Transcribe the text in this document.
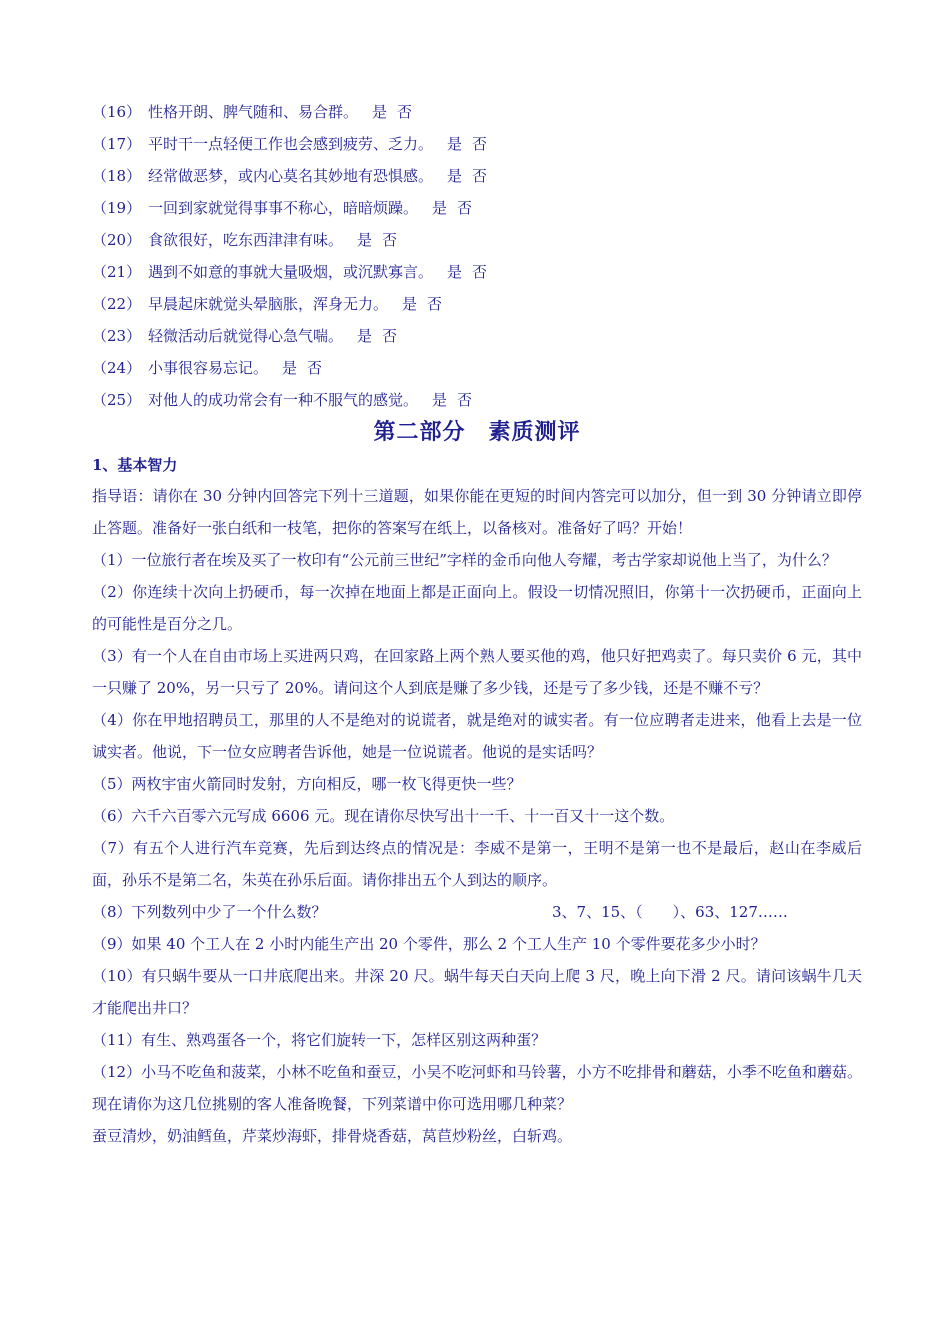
（16） 性格开朗、脾气随和、易合群。 是 否
（17） 平时干一点轻便工作也会感到疲劳、乏力。 是 否
（18） 经常做恶梦，或内心莫名其妙地有恐惧感。 是 否
（19） 一回到家就觉得事事不称心，暗暗烦躁。 是 否
（20） 食欲很好，吃东西津津有味。 是 否
（21） 遇到不如意的事就大量吸烟，或沉默寡言。 是 否
（22） 早晨起床就觉头晕脑胀，浑身无力。 是 否
（23） 轻微活动后就觉得心急气喘。 是 否
（24） 小事很容易忘记。 是 否
（25） 对他人的成功常会有一种不服气的感觉。 是 否
第二部分　素质测评
1、基本智力
指导语：请你在 30 分钟内回答完下列十三道题，如果你能在更短的时间内答完可以加分，但一到 30 分钟请立即停止答题。准备好一张白纸和一枝笔，把你的答案写在纸上，以备核对。准备好了吗？开始！
（1）一位旅行者在埃及买了一枚印有“公元前三世纪”字样的金币向他人夸耀，考古学家却说他上当了，为什么？
（2）你连续十次向上扔硬币，每一次掉在地面上都是正面向上。假设一切情况照旧，你第十一次扔硬币，正面向上的可能性是百分之几。
（3）有一个人在自由市场上买进两只鸡，在回家路上两个熟人要买他的鸡，他只好把鸡卖了。每只卖价 6 元，其中一只赚了 20%，另一只亏了 20%。请问这个人到底是赚了多少钱，还是亏了多少钱，还是不赚不亏？
（4）你在甲地招聘员工，那里的人不是绝对的说谎者，就是绝对的诚实者。有一位应聘者走进来，他看上去是一位诚实者。他说，下一位女应聘者告诉他，她是一位说谎者。他说的是实话吗？
（5）两枚宇宙火箭同时发射，方向相反，哪一枚飞得更快一些？
（6）六千六百零六元写成 6606 元。现在请你尽快写出十一千、十一百又十一这个数。
（7）有五个人进行汽车竞赛，先后到达终点的情况是：李威不是第一，王明不是第一也不是最后，赵山在李威后面，孙乐不是第二名，朱英在孙乐后面。请你排出五个人到达的顺序。
（8）下列数列中少了一个什么数？	3、7、15、（　　）、63、127……
（9）如果 40 个工人在 2 小时内能生产出 20 个零件，那么 2 个工人生产 10 个零件要花多少小时？
（10）有只蜗牛要从一口井底爬出来。井深 20 尺。蜗牛每天白天向上爬 3 尺，晚上向下滑 2 尺。请问该蜗牛几天才能爬出井口？
（11）有生、熟鸡蛋各一个，将它们旋转一下，怎样区别这两种蛋？
（12）小马不吃鱼和菠菜，小林不吃鱼和蚕豆，小吴不吃河虾和马铃薯，小方不吃排骨和蘑菇，小季不吃鱼和蘑菇。现在请你为这几位挑剔的客人准备晚餐，下列菜谱中你可选用哪几种菜？
蚕豆清炒，奶油鳕鱼，芹菜炒海虾，排骨烧香菇，莴苣炒粉丝，白斩鸡。
